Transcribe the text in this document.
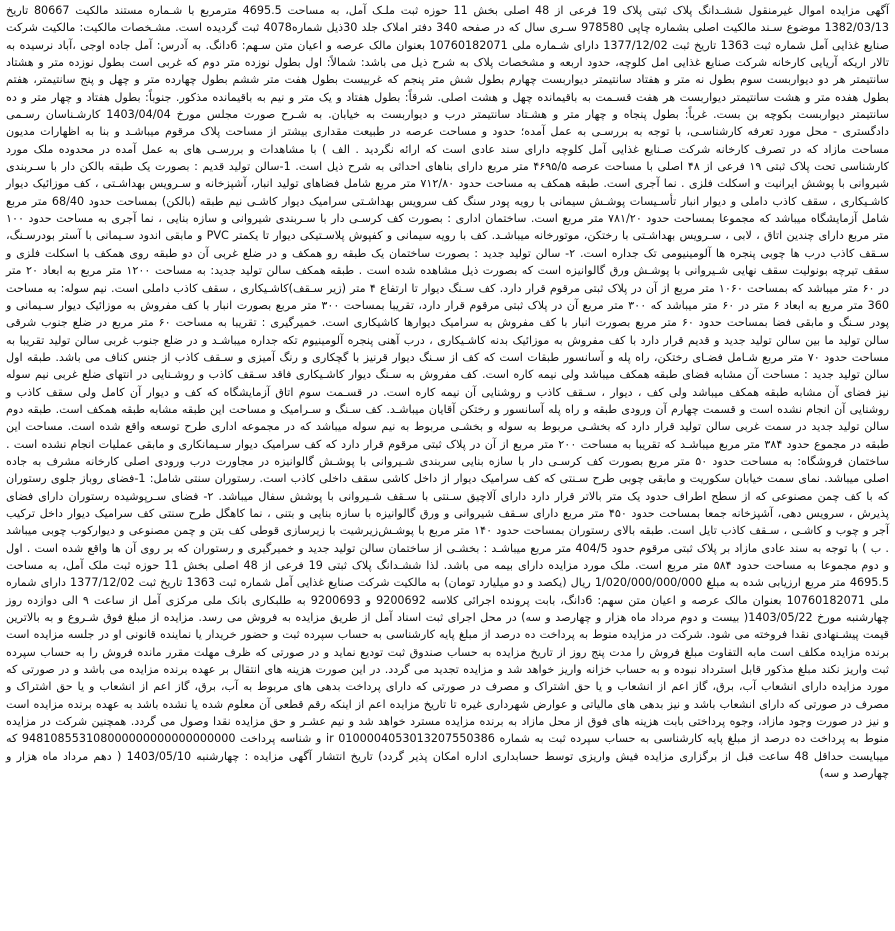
آگهی مزایده اموال غیرمنقول ششـدانگ پلاک ثبتی پلاک 19 فرعی از 48 اصلی بخش 11 حوزه ثبت ملـک آمل، به مساحت 4695.5 مترمربع با شـماره مستند مالکیت 80667 تاریخ 1382/03/13 موضوع سـند مالکیت اصلی بشماره چاپی 978580 سـری سال که در صفحه 340 دفتر املاک جلد 30ذیل شماره4078 ثبت گردیده است. مشـخصات مالکیت: مالکیت شرکت صنایع غذایی آمل شماره ثبت 1363 تاریخ ثبت 1377/12/02 دارای شـماره ملی 10760182071 بعنوان مالک عرصه و اعیان متن سـهم: 6دانگ. به آدرس: آمل جاده اوجی ،آباد نرسیده به تالار اریکه آریایی کارخانه شرکت صنایع غذایی امل کلوچه، حدود اربعه و مشخصات پلاک به شرح ذیل می باشد: شمالاً: اول بطول نوزده متر دوم که غربی است بطول نوزده متر و هشتاد سانتیمتر هر دو دیواربست سوم بطول نه متر و هفتاد سانتیمتر دیواربست چهارم بطول شش متر پنجم که غربیست بطول هفت متر ششم بطول چهارده متر و چهل و پنج سانتیمتر، هفتم بطول هفده متر و هشت سانتیمتر دیواربست هر هفت قسـمت به باقیمانده چهل و هشت اصلی. شرقاً: بطول هفتاد و یک متر و نیم به باقیمانده مذکور. جنوباً: بطول هفتاد و چهار متر و ده سانتیمتر دیواربست بکوچه بن بست. غرباً: بطول پنجاه و چهار متر و هشـتاد سانتیمتر درب و دیواربست به خیابان. به شـرح صورت مجلس مورخ 1403/04/04 کارشـناسان رسـمی دادگستری - محل مورد تعرفه کارشناسـی، با توجه به بررسـی به عمل آمده؛ حدود و مساحت عرصه در طبیعت مقداری بیشتر از مساحت پلاک مرقوم میباشـد و بنا به اظهارات مدیون مساحت مازاد که در تصرف کارخانه شرکت صـنایع غذایی آمل کلوچه دارای سند عادی است که ارائه نگردید . الف ) با مشاهدات و بررسـی های به عمل آمده در محدوده ملک مورد کارشناسی تحت پلاک ثبتی ۱۹ فرعی از ۴۸ اصلی با مساحت عرصه ۴۶۹۵/۵ متر مربع دارای بناهای احداثی به شرح ذیل است. 1-سالن تولید قدیم : بصورت یک طبقه بالکن دار با سـربندی شیروانی با پوشش ایرانیت و اسکلت فلزی . نما آجری است. طبقه همکف به مساحت حدود ۷۱۲/۸۰ متر مربع شامل فضاهای تولید انبار، آشپزخانه و سـرویس بهداشـتی ، کف موزائیک دیوار کاشـیکاری ، سقف کاذب داملی و دیوار انبار تأسـیسات پوشـش سیمانی با رویه پودر سنگ کف سرویس بهداشـتی سرامیک دیوار کاشـی نیم طبقه (بالکن) بمساحت حدود 68/40 متر مربع شامل آزمایشگاه میباشد که مجموعا بمساحت حدود ۷۸۱/۲۰ متر مربع است. ساختمان اداری : بصورت کف کرسـی دار با سـربندی شیروانی و سازه بنایی ، نما آجری به مساحت حدود ۱۰۰ متر مربع دارای چندین اتاق ، لابی ، سـرویس بهداشـتی با رختکن، موتورخانه میباشـد. کف با رویه سیمانی و کفپوش پلاسـتیکی دیوار تا یکمتر PVC و مابقی اندود سـیمانی با آستر بودرسـنگ، سـقف کاذب درب ها چوبی پنجره ها آلومینیومی تک جداره است. ۲- سالن تولید جدید : بصورت ساختمان یک طبقه رو همکف و در ضلع غربی آن دو طبقه روی همکف با اسکلت فلزی و سقف تیرچه بونولیت سقف نهایی شـیروانی با پوشـش ورق گالوانیزه است که بصورت ذیل مشاهده شده است . طبقه همکف سالن تولید جدید: به مساحت ۱۲۰۰ متر مربع به ابعاد ۲۰ متر در ۶۰ متر میباشد که بمساحت ۱۰۶۰ متر مربع از آن در پلاک ثبتی مرقوم قرار دارد. کف سـنگ دیوار تا ارتفاع ۴ متر (زیر سـقف)کاشـیکاری ، سقف کاذب داملی است. نیم سوله: به مساحت 360 متر مربع به ابعاد ۶ متر در ۶۰ متر میباشد که ۳۰۰ متر مربع آن در پلاک ثبتی مرقوم قرار دارد، تقریبا بمساحت ۳۰۰ متر مربع بصورت انبار با کف مفروش به موزائیک دیوار سـیمانی و پودر سـنگ و مابقی فضا بمساحت حدود ۶۰ متر مربع بصورت انبار با کف مفروش به سرامیک دیوارها کاشیکاری است. خمیرگیری : تقریبا به مساحت ۶۰ متر مربع در ضلع جنوب شرقی سالن تولید ما بین سالن تولید جدید و قدیم قرار دارد با کف مفروش به موزائیک بدنه کاشـیکاری ، درب آهنی پنجره آلومینیوم تکه جداره میباشـد و در ضلع جنوب غربی سالن تولید تقریبا به مساحت حدود ۷۰ متر مربع شـامل فضـای رختکن، راه پله و آسانسور طبقات است که کف از سـنگ دیوار قرنیز با گچکاری و رنگ آمیزی و سـقف کاذب از جنس کناف می باشد. طبقه اول سالن تولید جدید : مساحت آن مشابه فضای طبقه همکف میباشد ولی نیمه کاره است. کف مفروش به سـنگ دیوار کاشـیکاری فاقد سـقف کاذب و روشـنایی در انتهای ضلع غربی نیم سوله نیز فضای آن مشابه طبقه همکف میباشد ولی کف ، دیوار ، سـقف کاذب و روشنایی آن نیمه کاره است. در قسـمت سوم اتاق آزمایشگاه که کف و دیوار آن کامل ولی سقف کاذب و روشنایی آن انجام نشده است و قسمت چهارم آن ورودی طبقه و راه پله آسانسور و رختکن آقایان میباشـد. کف سـنگ و سـرامیک و مساحت این طبقه مشابه طبقه همکف است. طبقه دوم سالن تولید جدید در سمت غربی سالن تولید قرار دارد که بخشـی مربوط به سوله و بخشـی مربوط به نیم سوله میباشد که در مجموعه اداری طرح توسعه واقع شده است. مساحت این طبقه در مجموع حدود ۳۸۴ متر مربع میباشـد که تقریبا به مساحت ۲۰۰ متر مربع از آن در پلاک ثبتی مرقوم قرار دارد که کف سرامیک دیوار سـیمانکاری و مابقی عملیات انجام نشده است . ساختمان فروشگاه: به مساحت حدود ۵۰ متر مربع بصورت کف کرسـی دار با سازه بنایی سربندی شـیروانی با پوشـش گالوانیزه در مجاورت درب ورودی اصلی کارخانه مشرف به جاده اصلی میباشد. نمای سمت خیابان سکوریت و مابقی چوبی طرح سـنتی که کف سرامیک دیوار از داخل کاشی سقف داخلی کاذب است. رستوران سنتی شامل: 1-فضای روباز جلوی رستوران که با کف چمن مصنوعی که از سطح اطراف حدود یک متر بالاتر قرار دارد دارای آلاچیق سـنتی با سـقف شـیروانی با پوشش سفال میباشد. ۲- فضای سـرپوشیده رستوران دارای فضای پذیرش ، سرویس دهی، آشپزخانه جمعا بمساحت حدود ۴۵۰ متر مربع دارای سـقف شیروانی و ورق گالوانیزه با سازه بنایی و بتنی ، نما کاهگل طرح سنتی کف سرامیک دیوار داخل ترکیب آجر و چوب و کاشـی ، سـقف کاذب تایل است. طبقه بالای رستوران بمساحت حدود ۱۴۰ متر مربع با پوشـش‌زیرشیت با زیرسازی قوطی کف بتن و چمن مصنوعی و دیوارکوب چوبی میباشد . ب ) با توجه به سند عادی مازاد بر پلاک ثبتی مرقوم حدود 404/5 متر مربع میباشـد : بخشـی از ساختمان سالن تولید جدید و خمیرگیری و رستوران که بر روی آن ها واقع شده است . اول و دوم مجموعا به مساحت حدود ۵۸۴ متر مربع است. ملک مورد مزایده دارای بیمه می باشد. لذا ششـدانگ پلاک ثبتی 19 فرعی از 48 اصلی بخش 11 حوزه ثبت ملک آمل، به مساحت 4695.5 متر مربع ارزیابی شده به مبلغ 1/020/000/000/000 ریال (یکصد و دو میلیارد تومان) به مالکیت شرکت صنایع غذایی آمل شماره ثبت 1363 تاریخ ثبت 1377/12/02 دارای شماره ملی 10760182071 بعنوان مالک عرصه و اعیان متن سهم: 6دانگ، بابت پرونده اجرائی کلاسه 9200692 و 9200693 به طلبکاری بانک ملی مرکزی آمل از ساعت ۹ الی دوازده روز چهارشنبه مورخ 1403/05/22( بیست و دوم مرداد ماه هزار و چهارصد و سه) در محل اجرای ثبت اسناد آمل از طریق مزایده به فروش می رسد. مزایده از مبلغ فوق شـروع و به بالاترین قیمت پیشـنهادی نقدا فروخته می شود. شرکت در مزایده منوط به پرداخت ده درصد از مبلغ پایه کارشناسی به حساب سپرده ثبت و حضور خریدار یا نماینده قانونی او در جلسه مزایده است برنده مزایده مکلف است مابه التفاوت مبلغ فروش را مدت پنج روز از تاریخ مزایده به حساب صندوق ثبت تودیع نماید و در صورتی که ظرف مهلت مقرر مانده فروش را به حساب سپرده ثبت واریز نکند مبلغ مذکور قابل استرداد نبوده و به حساب خزانه واریز خواهد شد و مزایده تجدید می گردد. در این صورت هزینه های انتقال بر عهده برنده مزایده می باشد و در صورتی که مورد مزایده دارای انشعاب آب، برق، گاز اعم از انشعاب و یا حق اشتراک و مصرف در صورتی که دارای پرداخت بدهی های مربوط به آب، برق، گاز اعم از انشعاب و یا حق اشتراک و مصرف در صورتی که دارای انشعاب باشد و نیز بدهی های مالیاتی و عوارض شهرداری غیره تا تاریخ مزایده اعم از اینکه رقم قطعی آن معلوم شده یا نشده باشد به عهده برنده مزایده است و نیز در صورت وجود مازاد، وجوه پرداختی بابت هزینه های فوق از محل مازاد به برنده مزایده مسترد خواهد شد و نیم عشـر و حق مزایده نقدا وصول می گردد. همچنین شرکت در مزایده منوط به پرداخت ده درصد از مبلغ پایه کارشناسی به حساب سپرده ثبت به شماره 0100004053013207550386 ir و شناسه پرداخت 948108553108000000000000000000 که میبایست حداقل 48 ساعت قبل از برگزاری مزایده فیش واریزی توسط حسابداری اداره امکان پذیر گردد) تاریخ انتشار آگهی مزایده : چهارشنبه 1403/05/10 ( دهم مرداد ماه هزار و چهارصد و سه)
